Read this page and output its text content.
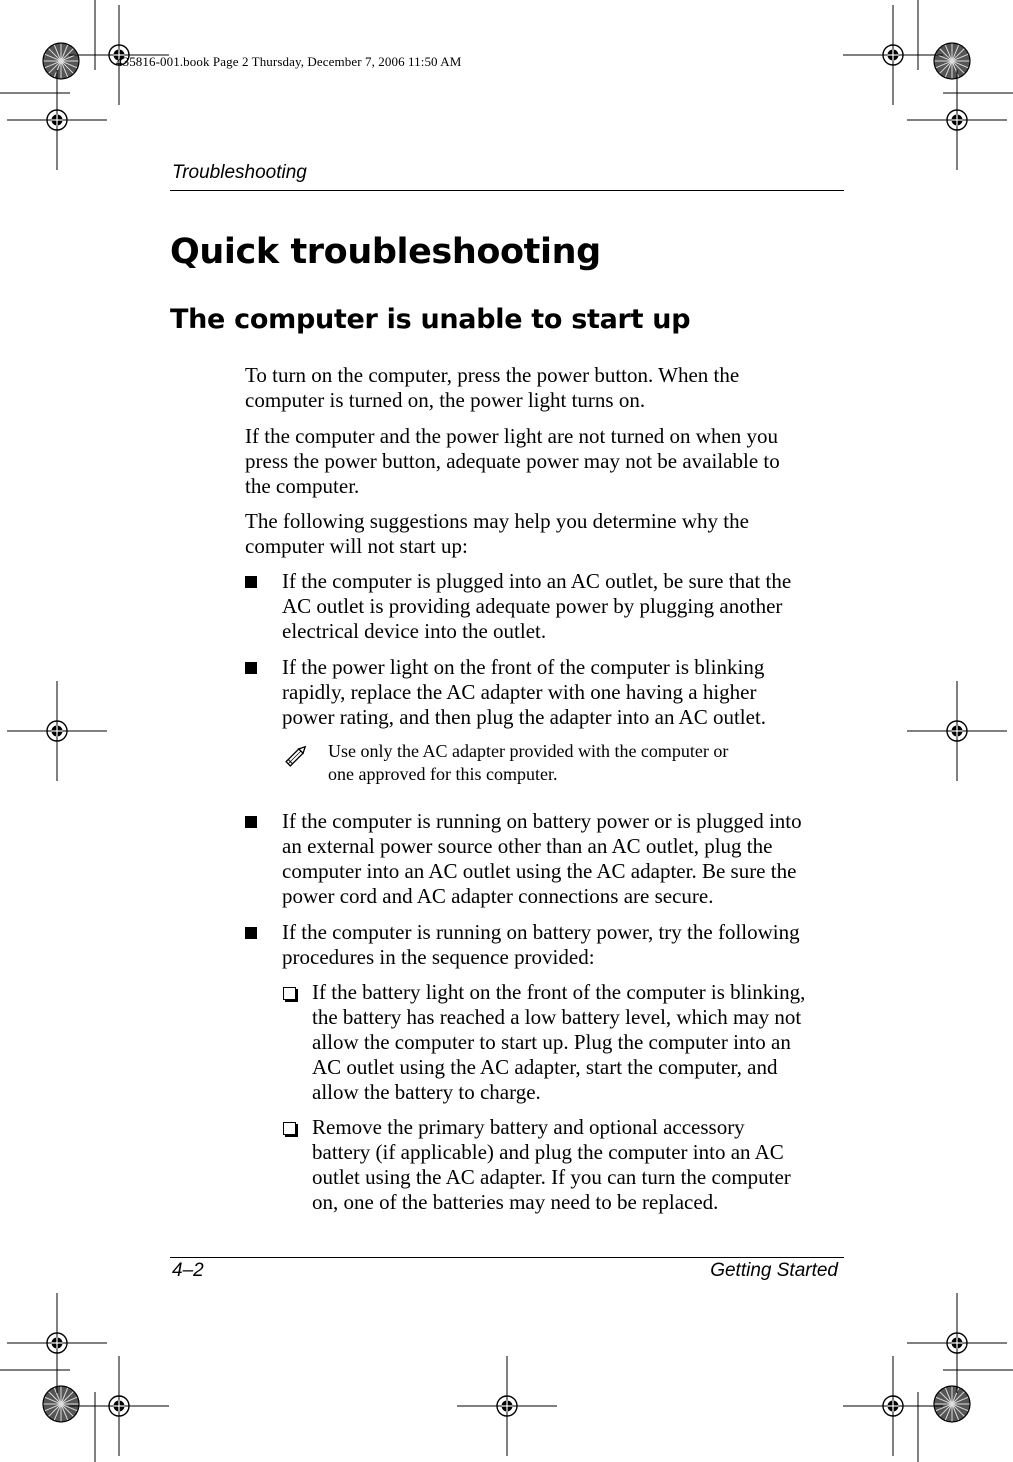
435816-001.book Page 2 Thursday, December 7, 2006 11:50 AM
Troubleshooting
Quick troubleshooting
The computer is unable to start up
To turn on the computer, press the power button. When the
computer is turned on, the power light turns on.
If the computer and the power light are not turned on when you
press the power button, adequate power may not be available to
the computer.
The following suggestions may help you determine why the
computer will not start up:
If the computer is plugged into an AC outlet, be sure that the
AC outlet is providing adequate power by plugging another
electrical device into the outlet.
If the power light on the front of the computer is blinking
rapidly, replace the AC adapter with one having a higher
power rating, and then plug the adapter into an AC outlet.
Use only the AC adapter provided with the computer or
one approved for this computer.
If the computer is running on battery power or is plugged into
an external power source other than an AC outlet, plug the
computer into an AC outlet using the AC adapter. Be sure the
power cord and AC adapter connections are secure.
If the computer is running on battery power, try the following
procedures in the sequence provided:
If the battery light on the front of the computer is blinking,
the battery has reached a low battery level, which may not
allow the computer to start up. Plug the computer into an
AC outlet using the AC adapter, start the computer, and
allow the battery to charge.
Remove the primary battery and optional accessory
battery (if applicable) and plug the computer into an AC
outlet using the AC adapter. If you can turn the computer
on, one of the batteries may need to be replaced.
4–2	Getting Started
